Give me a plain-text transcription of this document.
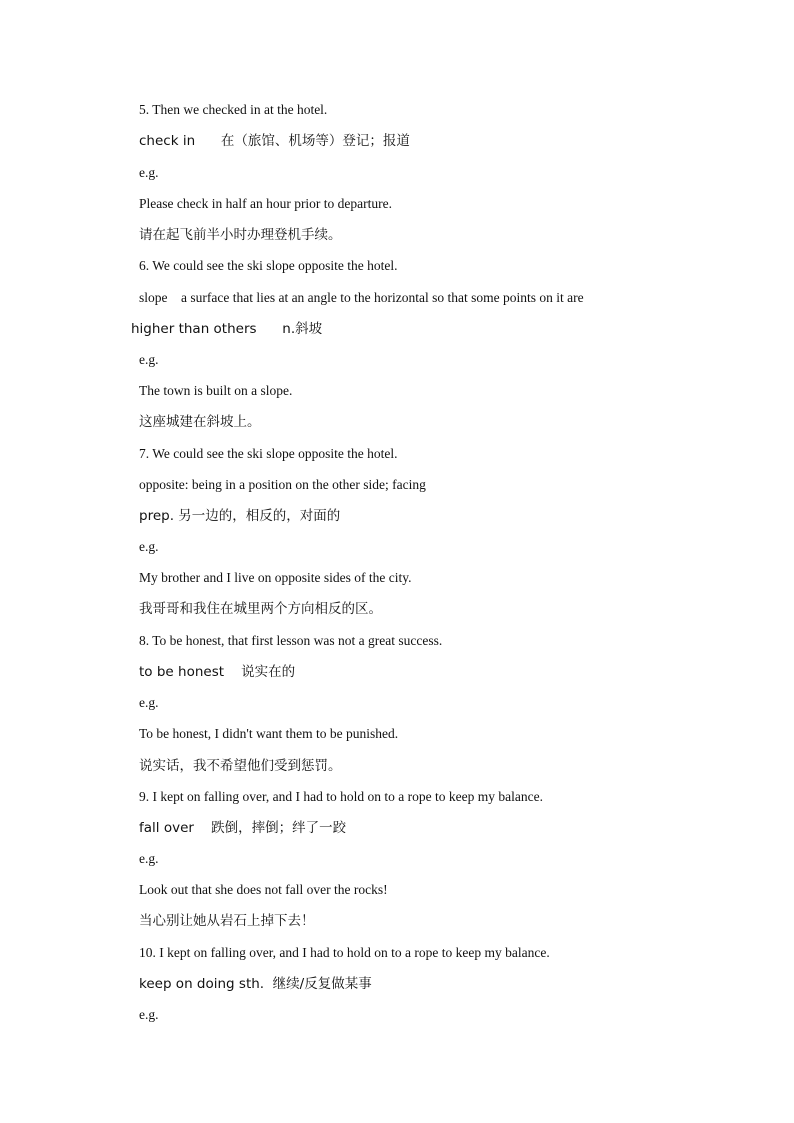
5. Then we checked in at the hotel.
check in      在（旅馆、机场等）登记；报道
e.g.
Please check in half an hour prior to departure.
请在起飞前半小时办理登机手续。
6. We could see the ski slope opposite the hotel.
slope    a surface that lies at an angle to the horizontal so that some points on it are
higher than others      n.斜坡
e.g.
The town is built on a slope.
这座城建在斜坡上。
7. We could see the ski slope opposite the hotel.
opposite: being in a position on the other side; facing
prep. 另一边的，相反的，对面的
e.g.
My brother and I live on opposite sides of the city.
我哥哥和我住在城里两个方向相反的区。
8. To be honest, that first lesson was not a great success.
to be honest    说实在的
e.g.
To be honest, I didn't want them to be punished.
说实话，我不希望他们受到惩罚。
9. I kept on falling over, and I had to hold on to a rope to keep my balance.
fall over    跌倒，摔倒；绊了一跤
e.g.
Look out that she does not fall over the rocks!
当心别让她从岩石上掉下去！
10. I kept on falling over, and I had to hold on to a rope to keep my balance.
keep on doing sth.  继续/反复做某事
e.g.
